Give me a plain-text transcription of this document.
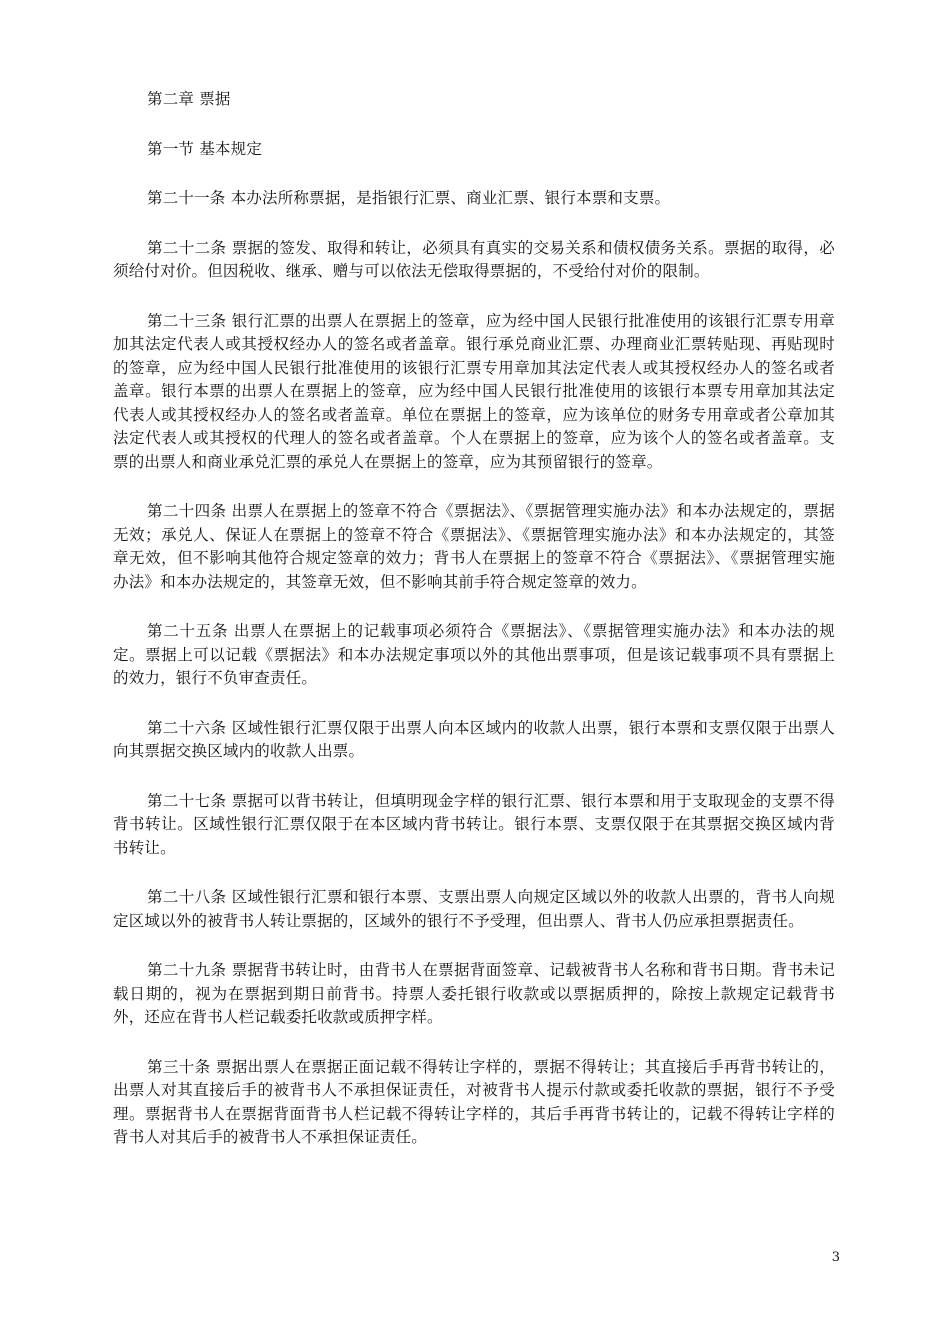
第二章 票据

第一节 基本规定

第二十一条 本办法所称票据，是指银行汇票、商业汇票、银行本票和支票。

第二十二条 票据的签发、取得和转让，必须具有真实的交易关系和债权债务关系。票据的取得，必须给付对价。但因税收、继承、赠与可以依法无偿取得票据的，不受给付对价的限制。

第二十三条 银行汇票的出票人在票据上的签章，应为经中国人民银行批准使用的该银行汇票专用章加其法定代表人或其授权经办人的签名或者盖章。银行承兑商业汇票、办理商业汇票转贴现、再贴现时的签章，应为经中国人民银行批准使用的该银行汇票专用章加其法定代表人或其授权经办人的签名或者盖章。银行本票的出票人在票据上的签章，应为经中国人民银行批准使用的该银行本票专用章加其法定代表人或其授权经办人的签名或者盖章。单位在票据上的签章，应为该单位的财务专用章或者公章加其法定代表人或其授权的代理人的签名或者盖章。个人在票据上的签章，应为该个人的签名或者盖章。支票的出票人和商业承兑汇票的承兑人在票据上的签章，应为其预留银行的签章。

第二十四条 出票人在票据上的签章不符合《票据法》、《票据管理实施办法》和本办法规定的，票据无效；承兑人、保证人在票据上的签章不符合《票据法》、《票据管理实施办法》和本办法规定的，其签章无效，但不影响其他符合规定签章的效力；背书人在票据上的签章不符合《票据法》、《票据管理实施办法》和本办法规定的，其签章无效，但不影响其前手符合规定签章的效力。

第二十五条 出票人在票据上的记载事项必须符合《票据法》、《票据管理实施办法》和本办法的规定。票据上可以记载《票据法》和本办法规定事项以外的其他出票事项，但是该记载事项不具有票据上的效力，银行不负审查责任。

第二十六条 区域性银行汇票仅限于出票人向本区域内的收款人出票，银行本票和支票仅限于出票人向其票据交换区域内的收款人出票。

第二十七条 票据可以背书转让，但填明现金字样的银行汇票、银行本票和用于支取现金的支票不得背书转让。区域性银行汇票仅限于在本区域内背书转让。银行本票、支票仅限于在其票据交换区域内背书转让。

第二十八条 区域性银行汇票和银行本票、支票出票人向规定区域以外的收款人出票的，背书人向规定区域以外的被背书人转让票据的，区域外的银行不予受理，但出票人、背书人仍应承担票据责任。

第二十九条 票据背书转让时，由背书人在票据背面签章、记载被背书人名称和背书日期。背书未记载日期的，视为在票据到期日前背书。持票人委托银行收款或以票据质押的，除按上款规定记载背书外，还应在背书人栏记载委托收款或质押字样。

第三十条 票据出票人在票据正面记载不得转让字样的，票据不得转让；其直接后手再背书转让的，出票人对其直接后手的被背书人不承担保证责任，对被背书人提示付款或委托收款的票据，银行不予受理。票据背书人在票据背面背书人栏记载不得转让字样的，其后手再背书转让的，记载不得转让字样的背书人对其后手的被背书人不承担保证责任。

3
